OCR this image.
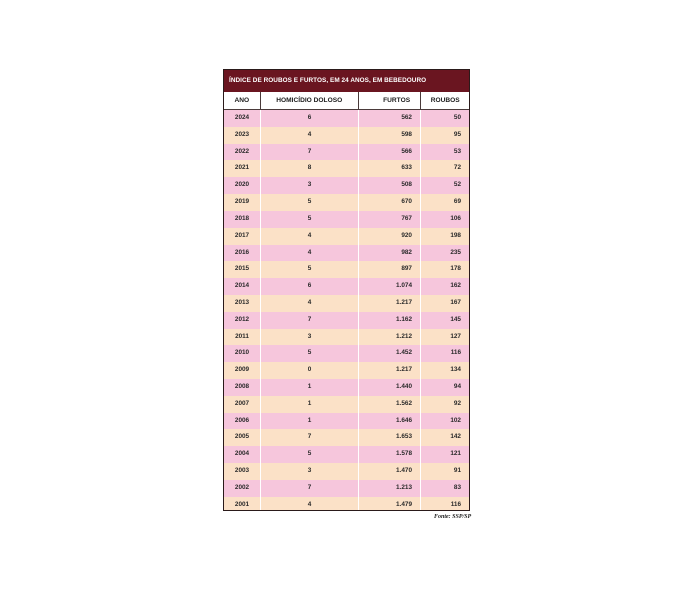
ÍNDICE DE ROUBOS E FURTOS, EM 24 ANOS, EM BEBEDOURO
ANO	HOMICÍDIO DOLOSO	FURTOS	ROUBOS
2024	6	562	50
2023	4	598	95
2022	7	566	53
2021	8	633	72
2020	3	508	52
2019	5	670	69
2018	5	767	106
2017	4	920	198
2016	4	982	235
2015	5	897	178
2014	6	1.074	162
2013	4	1.217	167
2012	7	1.162	145
2011	3	1.212	127
2010	5	1.452	116
2009	0	1.217	134
2008	1	1.440	94
2007	1	1.562	92
2006	1	1.646	102
2005	7	1.653	142
2004	5	1.578	121
2003	3	1.470	91
2002	7	1.213	83
2001	4	1.479	116
Fonte: SSP/SP
